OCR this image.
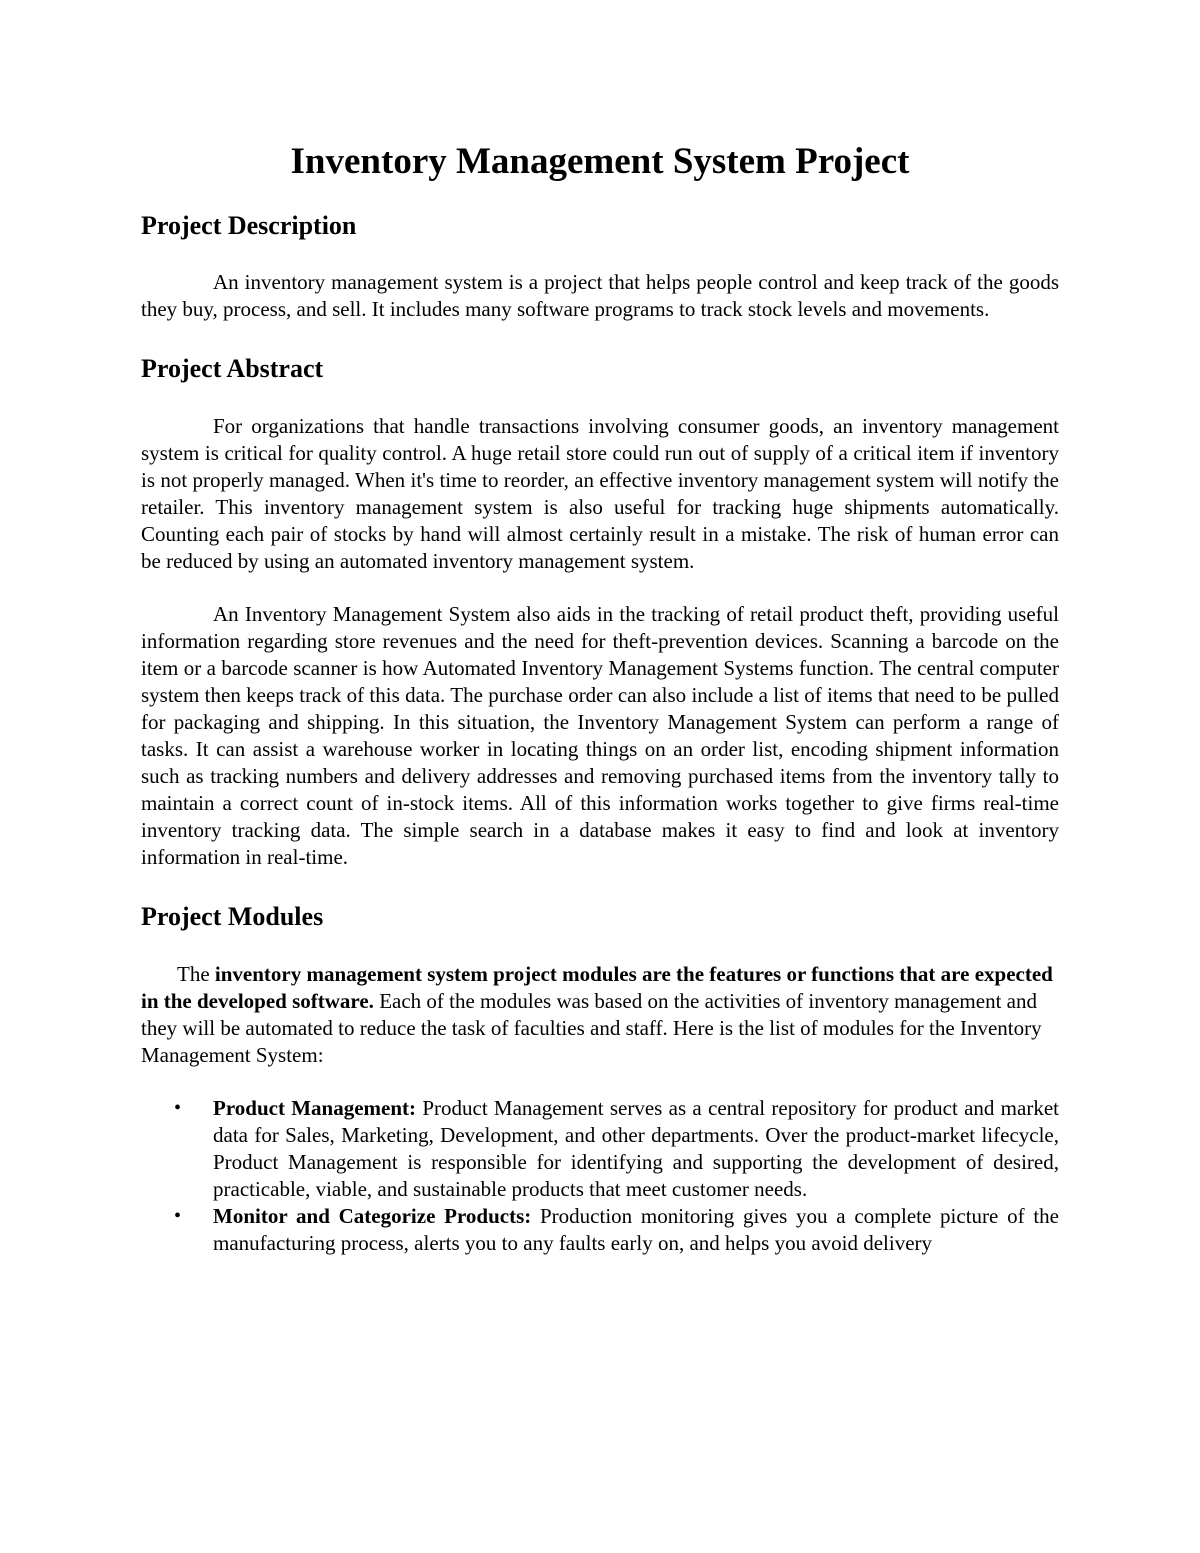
Inventory Management System Project
Project Description

An inventory management system is a project that helps people control and keep track of the goods they buy, process, and sell. It includes many software programs to track stock levels and movements.

Project Abstract

For organizations that handle transactions involving consumer goods, an inventory management system is critical for quality control. A huge retail store could run out of supply of a critical item if inventory is not properly managed. When it's time to reorder, an effective inventory management system will notify the retailer. This inventory management system is also useful for tracking huge shipments automatically. Counting each pair of stocks by hand will almost certainly result in a mistake. The risk of human error can be reduced by using an automated inventory management system.

An Inventory Management System also aids in the tracking of retail product theft, providing useful information regarding store revenues and the need for theft-prevention devices. Scanning a barcode on the item or a barcode scanner is how Automated Inventory Management Systems function. The central computer system then keeps track of this data. The purchase order can also include a list of items that need to be pulled for packaging and shipping. In this situation, the Inventory Management System can perform a range of tasks. It can assist a warehouse worker in locating things on an order list, encoding shipment information such as tracking numbers and delivery addresses and removing purchased items from the inventory tally to maintain a correct count of in-stock items. All of this information works together to give firms real-time inventory tracking data. The simple search in a database makes it easy to find and look at inventory information in real-time.

Project Modules

The inventory management system project modules are the features or functions that are expected in the developed software. Each of the modules was based on the activities of inventory management and they will be automated to reduce the task of faculties and staff. Here is the list of modules for the Inventory Management System:

• Product Management: Product Management serves as a central repository for product and market data for Sales, Marketing, Development, and other departments. Over the product-market lifecycle, Product Management is responsible for identifying and supporting the development of desired, practicable, viable, and sustainable products that meet customer needs.
• Monitor and Categorize Products: Production monitoring gives you a complete picture of the manufacturing process, alerts you to any faults early on, and helps you avoid delivery
